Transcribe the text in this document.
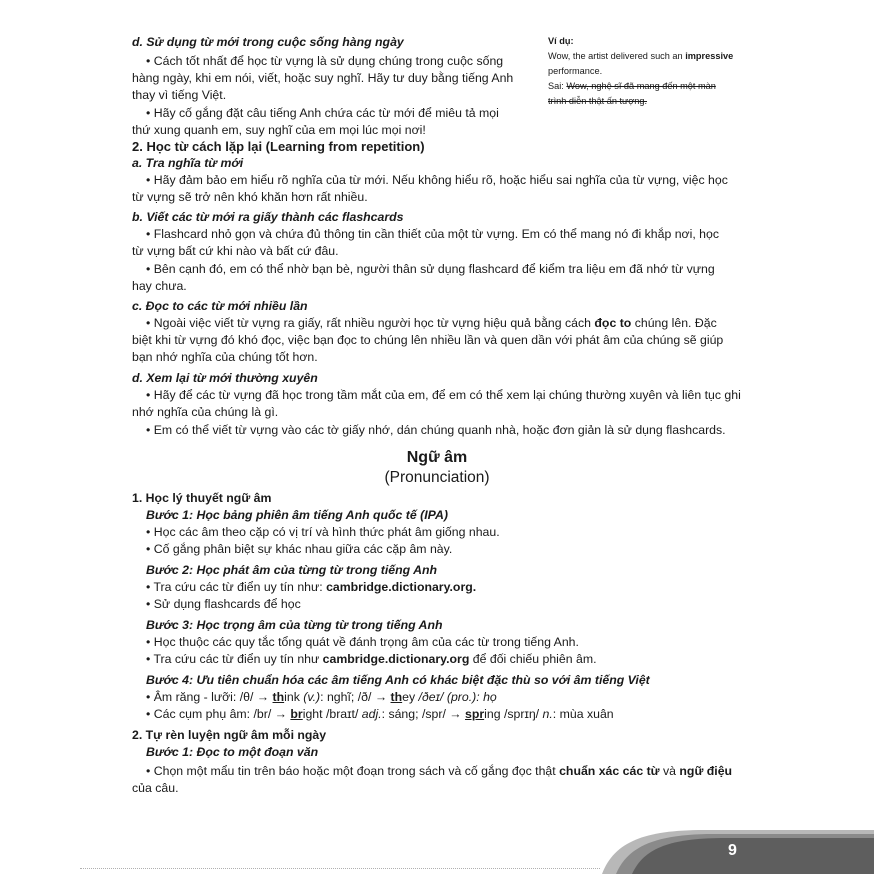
Ví dụ:
Wow, the artist delivered such an impressive
performance.
Sai: Wow, nghệ sĩ đã mang đến một màn
trình diễn thật ấn tượng.
d. Sử dụng từ mới trong cuộc sống hàng ngày
• Cách tốt nhất để học từ vựng là sử dụng chúng trong cuộc sống
hàng ngày, khi em nói, viết, hoặc suy nghĩ. Hãy tư duy bằng tiếng Anh
thay vì tiếng Việt.
• Hãy cố gắng đặt câu tiếng Anh chứa các từ mới để miêu tả mọi
thứ xung quanh em, suy nghĩ của em mọi lúc mọi nơi!
2. Học từ cách lặp lại (Learning from repetition)
a. Tra nghĩa từ mới
• Hãy đảm bảo em hiểu rõ nghĩa của từ mới. Nếu không hiểu rõ, hoặc hiểu sai nghĩa của từ vựng, việc học
từ vựng sẽ trở nên khó khăn hơn rất nhiều.
b. Viết các từ mới ra giấy thành các flashcards
• Flashcard nhỏ gọn và chứa đủ thông tin cần thiết của một từ vựng. Em có thể mang nó đi khắp nơi, học
từ vựng bất cứ khi nào và bất cứ đâu.
• Bên cạnh đó, em có thể nhờ bạn bè, người thân sử dụng flashcard để kiểm tra liệu em đã nhớ từ vựng
hay chưa.
c. Đọc to các từ mới nhiều lần
• Ngoài việc viết từ vựng ra giấy, rất nhiều người học từ vựng hiệu quả bằng cách đọc to chúng lên. Đặc
biệt khi từ vựng đó khó đọc, việc bạn đọc to chúng lên nhiều lần và quen dần với phát âm của chúng sẽ giúp
bạn nhớ nghĩa của chúng tốt hơn.
d. Xem lại từ mới thường xuyên
• Hãy để các từ vựng đã học trong tầm mắt của em, để em có thể xem lại chúng thường xuyên và liên tục ghi
nhớ nghĩa của chúng là gì.
• Em có thể viết từ vựng vào các tờ giấy nhớ, dán chúng quanh nhà, hoặc đơn giản là sử dụng flashcards.
Ngữ âm
(Pronunciation)
1. Học lý thuyết ngữ âm
Bước 1: Học bảng phiên âm tiếng Anh quốc tế (IPA)
• Học các âm theo cặp có vị trí và hình thức phát âm giống nhau.
• Cố gắng phân biệt sự khác nhau giữa các cặp âm này.
Bước 2: Học phát âm của từng từ trong tiếng Anh
• Tra cứu các từ điển uy tín như: cambridge.dictionary.org.
• Sử dụng flashcards để học
Bước 3: Học trọng âm của từng từ trong tiếng Anh
• Học thuộc các quy tắc tổng quát về đánh trọng âm của các từ trong tiếng Anh.
• Tra cứu các từ điển uy tín như cambridge.dictionary.org để đối chiếu phiên âm.
Bước 4: Ưu tiên chuẩn hóa các âm tiếng Anh có khác biệt đặc thù so với âm tiếng Việt
• Âm răng - lưỡi: /θ/ → think (v.): nghĩ; /ð/ → they /ðeɪ/ (pro.): họ
• Các cụm phụ âm: /br/ → bright /braɪt/ adj.: sáng; /spr/ → spring /sprɪŋ/ n.: mùa xuân
2. Tự rèn luyện ngữ âm mỗi ngày
Bước 1: Đọc to một đoạn văn
• Chọn một mẩu tin trên báo hoặc một đoạn trong sách và cố gắng đọc thật chuẩn xác các từ và ngữ điệu
của câu.
9
